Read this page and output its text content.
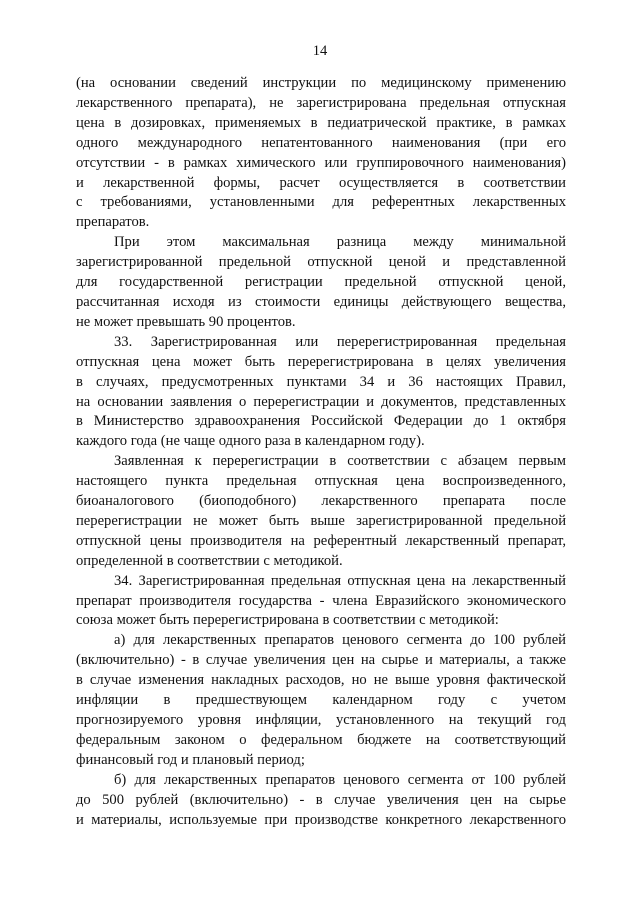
14

(на основании сведений инструкции по медицинскому применению

лекарственного препарата), не зарегистрирована предельная отпускная

цена в дозировках, применяемых в педиатрической практике, в рамках

одного международного непатентованного наименования (при его

отсутствии - в рамках химического или группировочного наименования)

и лекарственной формы, расчет осуществляется в соответствии

с требованиями, установленными для референтных лекарственных

препаратов.

При этом максимальная разница между минимальной

зарегистрированной предельной отпускной ценой и представленной

для государственной регистрации предельной отпускной ценой,

рассчитанная исходя из стоимости единицы действующего вещества,

не может превышать 90 процентов.

33. Зарегистрированная или перерегистрированная предельная

отпускная цена может быть перерегистрирована в целях увеличения

в случаях, предусмотренных пунктами 34 и 36 настоящих Правил,

на основании заявления о перерегистрации и документов, представленных

в Министерство здравоохранения Российской Федерации до 1 октября

каждого года (не чаще одного раза в календарном году).

Заявленная к перерегистрации в соответствии с абзацем первым

настоящего пункта предельная отпускная цена воспроизведенного,

биоаналогового (биоподобного) лекарственного препарата после

перерегистрации не может быть выше зарегистрированной предельной

отпускной цены производителя на референтный лекарственный препарат,

определенной в соответствии с методикой.

34. Зарегистрированная предельная отпускная цена на лекарственный

препарат производителя государства - члена Евразийского экономического

союза может быть перерегистрирована в соответствии с методикой:

а) для лекарственных препаратов ценового сегмента до 100 рублей

(включительно) - в случае увеличения цен на сырье и материалы, а также

в случае изменения накладных расходов, но не выше уровня фактической

инфляции в предшествующем календарном году с учетом

прогнозируемого уровня инфляции, установленного на текущий год

федеральным законом о федеральном бюджете на соответствующий

финансовый год и плановый период;

б) для лекарственных препаратов ценового сегмента от 100 рублей

до 500 рублей (включительно) - в случае увеличения цен на сырье

и материалы, используемые при производстве конкретного лекарственного
